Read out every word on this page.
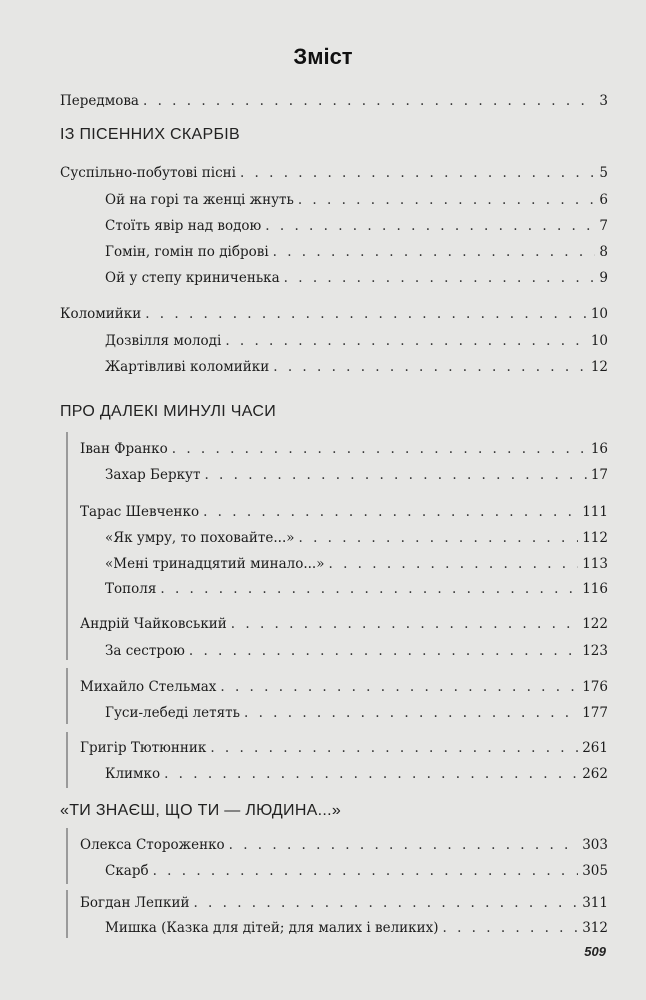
Зміст
ІЗ ПІСЕННИХ СКАРБІВ
ПРО ДАЛЕКІ МИНУЛІ ЧАСИ
«ТИ ЗНАЄШ, ЩО ТИ — ЛЮДИНА...»
Передмова . . .	3
Суспільно-побутові пісні . . .	5
Ой на горі та женці жнуть . . .	6
Стоїть явір над водою . . .	7
Гомін, гомін по діброві . . .	8
Ой у степу криниченька . . .	9
Коломийки . . .	10
Дозвілля молоді . . .	10
Жартівливі коломийки . . .	12
Іван Франко . . .	16
Захар Беркут . . .	17
Тарас Шевченко . . .	111
«Як умру, то поховайте...» . . .	112
«Мені тринадцятий минало...» . . .	113
Тополя . . .	116
Андрій Чайковський . . .	122
За сестрою . . .	123
Михайло Стельмах . . .	176
Гуси-лебеді летять . . .	177
Григір Тютюнник . . .	261
Климко . . .	262
Олекса Стороженко . . .	303
Скарб . . .	305
Богдан Лепкий . . .	311
Мишка (Казка для дітей; для малих і великих) . . .	312
509
